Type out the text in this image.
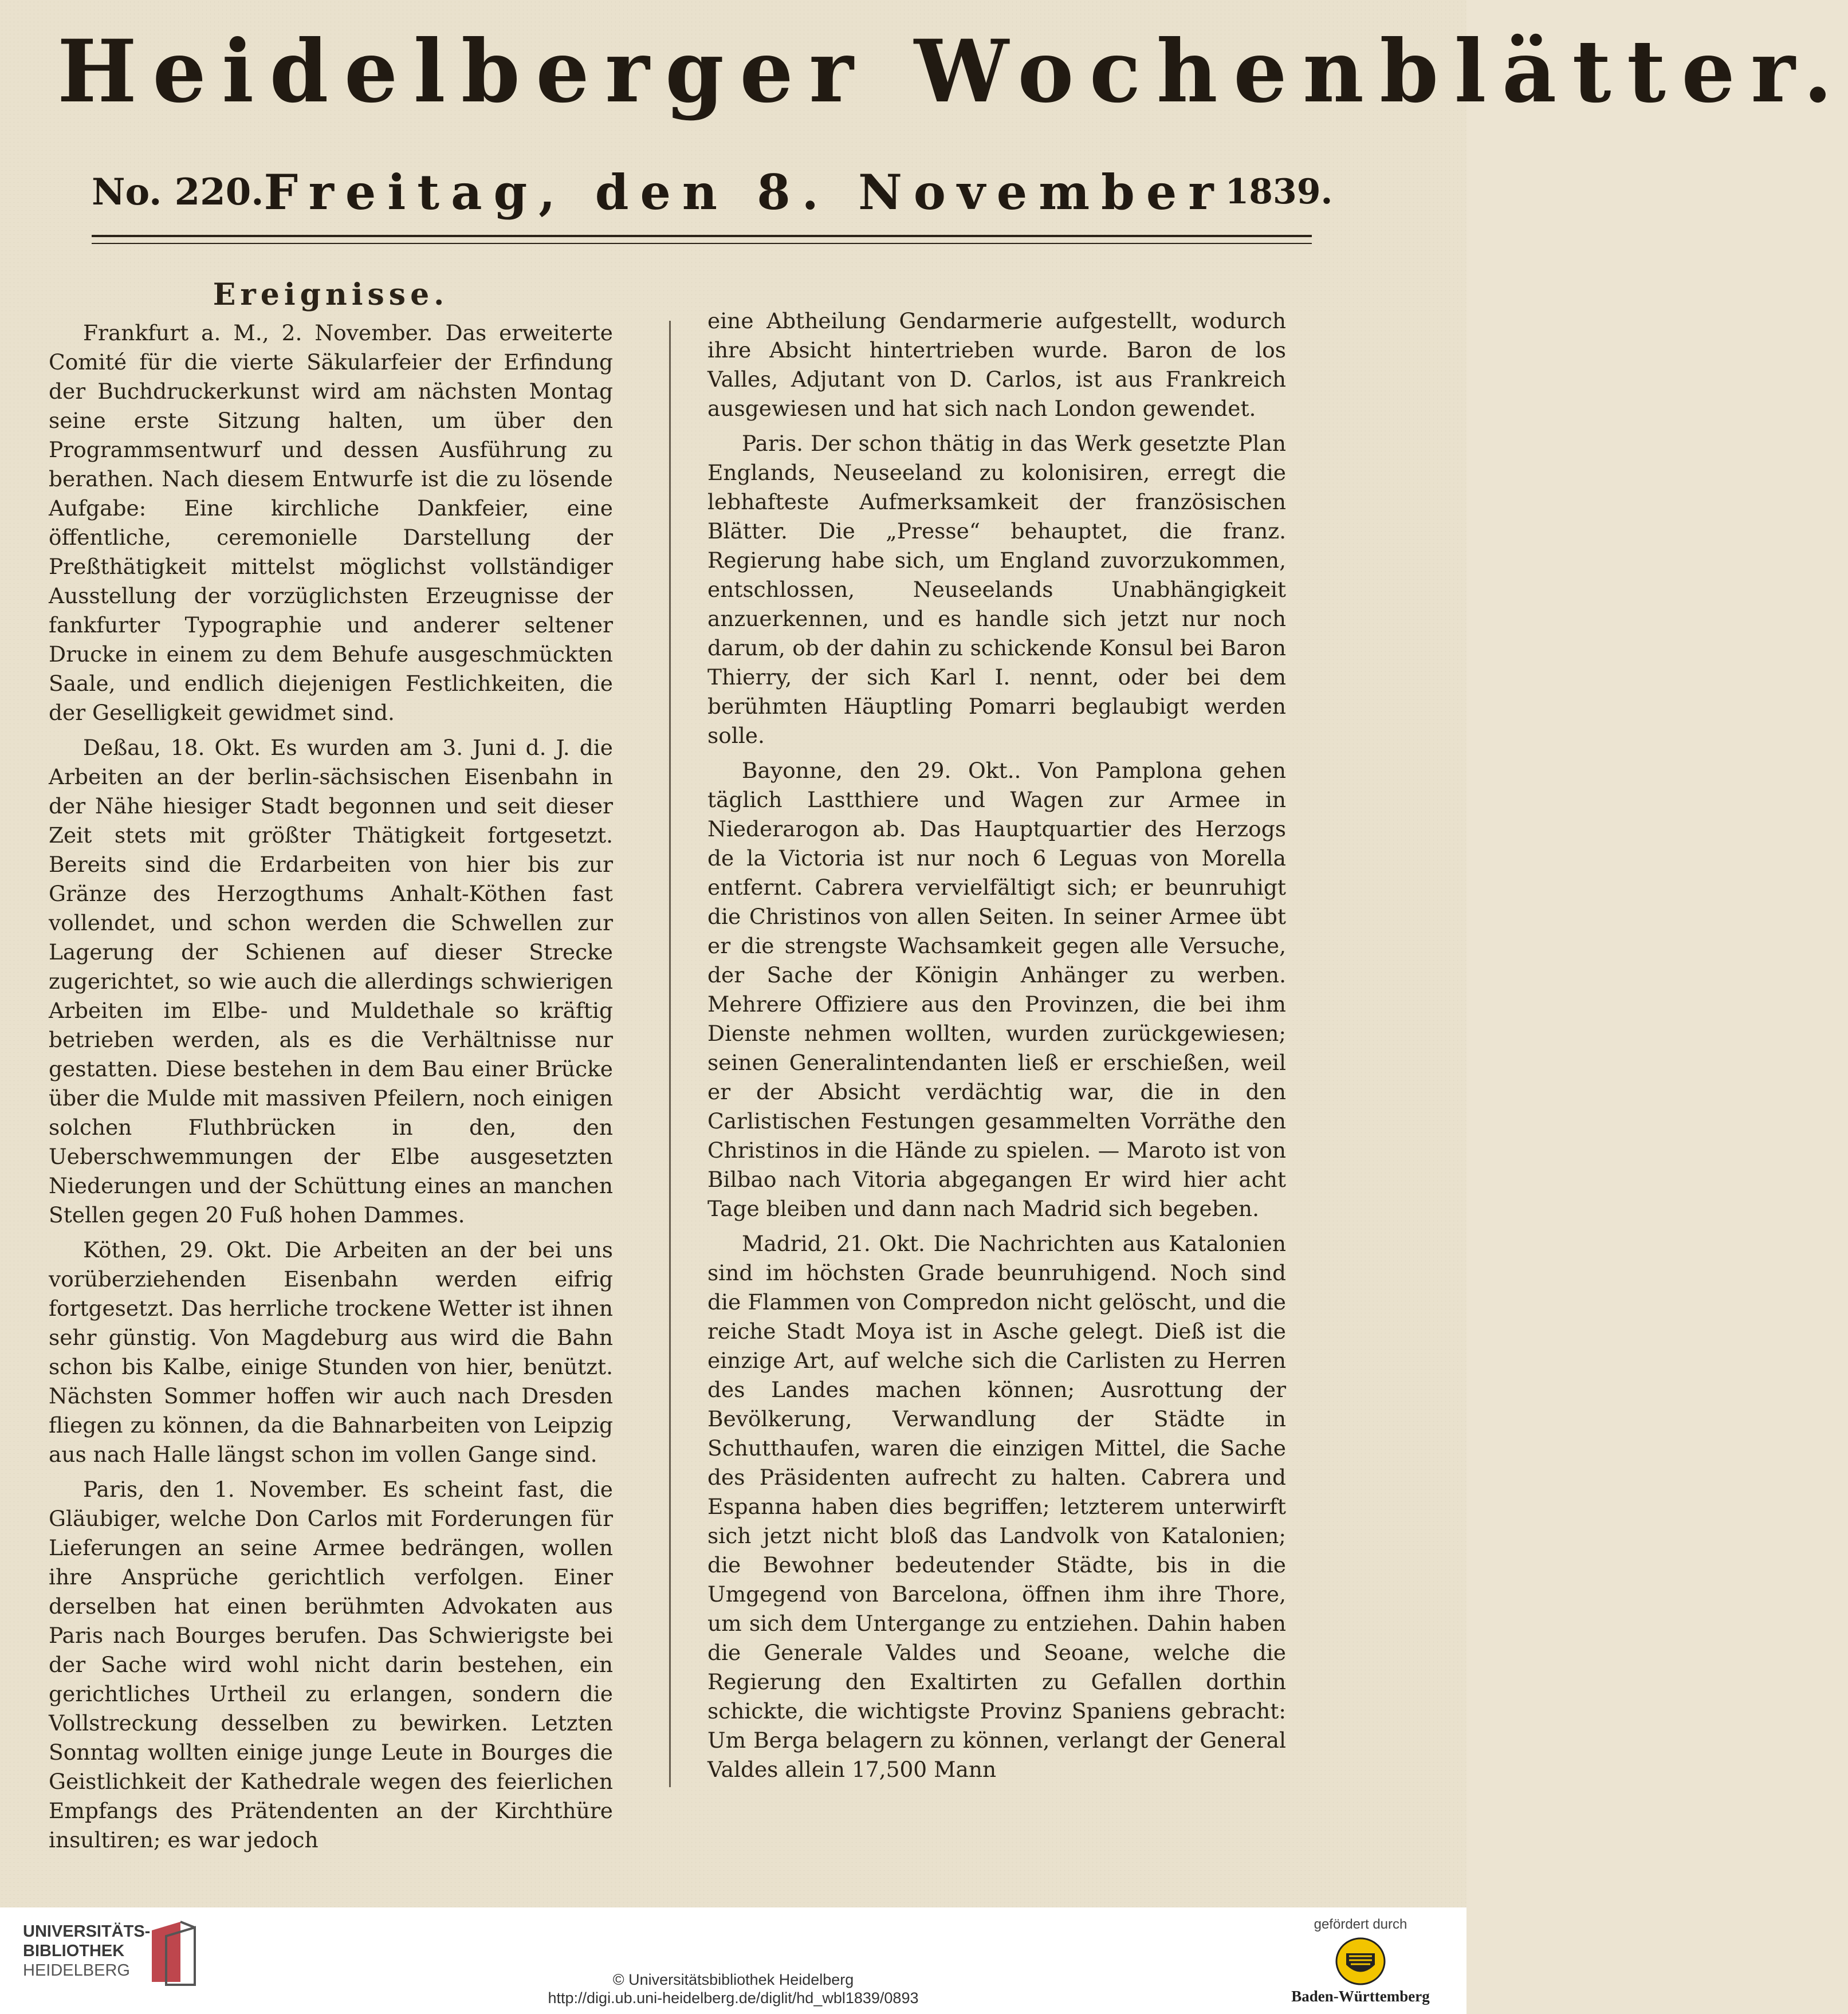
Heidelberger Wochenblätter.
No. 220. Freitag, den 8. November 1839.
Ereignisse.

Frankfurt a. M., 2. November. Das erweiterte Comité für die vierte Säkularfeier der Erfindung der Buchdruckerkunst wird am nächsten Montag seine erste Sitzung halten, um über den Programmsentwurf und dessen Ausführung zu berathen. Nach diesem Entwurfe ist die zu lösende Aufgabe: Eine kirchliche Dankfeier, eine öffentliche, ceremonielle Darstellung der Preßthätigkeit mittelst möglichst vollständiger Ausstellung der vorzüglichsten Erzeugnisse der fankfurter Typographie und anderer seltener Drucke in einem zu dem Behufe ausgeschmückten Saale, und endlich diejenigen Festlichkeiten, die der Geselligkeit gewidmet sind.

Deßau, 18. Okt. Es wurden am 3. Juni d. J. die Arbeiten an der berlin-sächsischen Eisenbahn in der Nähe hiesiger Stadt begonnen und seit dieser Zeit stets mit größter Thätigkeit fortgesetzt. Bereits sind die Erdarbeiten von hier bis zur Gränze des Herzogthums Anhalt-Köthen fast vollendet, und schon werden die Schwellen zur Lagerung der Schienen auf dieser Strecke zugerichtet, so wie auch die allerdings schwierigen Arbeiten im Elbe- und Muldethale so kräftig betrieben werden, als es die Verhältnisse nur gestatten. Diese bestehen in dem Bau einer Brücke über die Mulde mit massiven Pfeilern, noch einigen solchen Fluthbrücken in den, den Ueberschwemmungen der Elbe ausgesetzten Niederungen und der Schüttung eines an manchen Stellen gegen 20 Fuß hohen Dammes.

Köthen, 29. Okt. Die Arbeiten an der bei uns vorüberziehenden Eisenbahn werden eifrig fortgesetzt. Das herrliche trockene Wetter ist ihnen sehr günstig. Von Magdeburg aus wird die Bahn schon bis Kalbe, einige Stunden von hier, benützt. Nächsten Sommer hoffen wir auch nach Dresden fliegen zu können, da die Bahnarbeiten von Leipzig aus nach Halle längst schon im vollen Gange sind.

Paris, den 1. November. Es scheint fast, die Gläubiger, welche Don Carlos mit Forderungen für Lieferungen an seine Armee bedrängen, wollen ihre Ansprüche gerichtlich verfolgen. Einer derselben hat einen berühmten Advokaten aus Paris nach Bourges berufen. Das Schwierigste bei der Sache wird wohl nicht darin bestehen, ein gerichtliches Urtheil zu erlangen, sondern die Vollstreckung desselben zu bewirken. Letzten Sonntag wollten einige junge Leute in Bourges die Geistlichkeit der Kathedrale wegen des feierlichen Empfangs des Prätendenten an der Kirchthüre insultiren; es war jedoch

eine Abtheilung Gendarmerie aufgestellt, wodurch ihre Absicht hintertrieben wurde. Baron de los Valles, Adjutant von D. Carlos, ist aus Frankreich ausgewiesen und hat sich nach London gewendet.

Paris. Der schon thätig in das Werk gesetzte Plan Englands, Neuseeland zu kolonisiren, erregt die lebhafteste Aufmerksamkeit der französischen Blätter. Die „Presse“ behauptet, die franz. Regierung habe sich, um England zuvorzukommen, entschlossen, Neuseelands Unabhängigkeit anzuerkennen, und es handle sich jetzt nur noch darum, ob der dahin zu schickende Konsul bei Baron Thierry, der sich Karl I. nennt, oder bei dem berühmten Häuptling Pomarri beglaubigt werden solle.

Bayonne, den 29. Okt.. Von Pamplona gehen täglich Lastthiere und Wagen zur Armee in Niederarogon ab. Das Hauptquartier des Herzogs de la Victoria ist nur noch 6 Leguas von Morella entfernt. Cabrera vervielfältigt sich; er beunruhigt die Christinos von allen Seiten. In seiner Armee übt er die strengste Wachsamkeit gegen alle Versuche, der Sache der Königin Anhänger zu werben. Mehrere Offiziere aus den Provinzen, die bei ihm Dienste nehmen wollten, wurden zurückgewiesen; seinen Generalintendanten ließ er erschießen, weil er der Absicht verdächtig war, die in den Carlistischen Festungen gesammelten Vorräthe den Christinos in die Hände zu spielen. — Maroto ist von Bilbao nach Vitoria abgegangen Er wird hier acht Tage bleiben und dann nach Madrid sich begeben.

Madrid, 21. Okt. Die Nachrichten aus Katalonien sind im höchsten Grade beunruhigend. Noch sind die Flammen von Compredon nicht gelöscht, und die reiche Stadt Moya ist in Asche gelegt. Dieß ist die einzige Art, auf welche sich die Carlisten zu Herren des Landes machen können; Ausrottung der Bevölkerung, Verwandlung der Städte in Schutthaufen, waren die einzigen Mittel, die Sache des Präsidenten aufrecht zu halten. Cabrera und Espanna haben dies begriffen; letzterem unterwirft sich jetzt nicht bloß das Landvolk von Katalonien; die Bewohner bedeutender Städte, bis in die Umgegend von Barcelona, öffnen ihm ihre Thore, um sich dem Untergange zu entziehen. Dahin haben die Generale Valdes und Seoane, welche die Regierung den Exaltirten zu Gefallen dorthin schickte, die wichtigste Provinz Spaniens gebracht: Um Berga belagern zu können, verlangt der General Valdes allein 17,500 Mann

UNIVERSITÄTS-
BIBLIOTHEK
HEIDELBERG	© Universitätsbibliothek Heidelberg
http://digi.ub.uni-heidelberg.de/diglit/hd_wbl1839/0893
gefördert durch
Baden-Württemberg
